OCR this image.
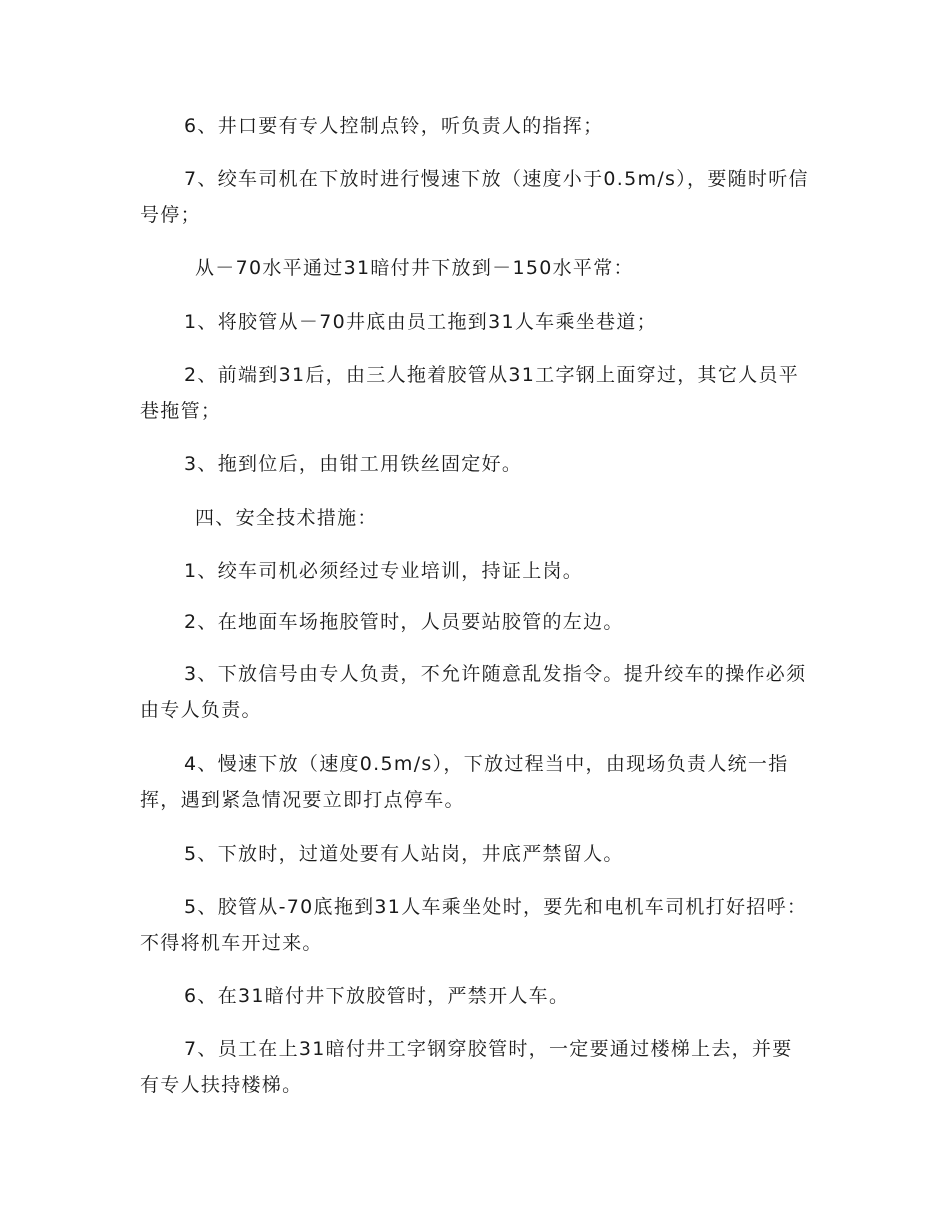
6、井口要有专人控制点铃，听负责人的指挥；

7、绞车司机在下放时进行慢速下放（速度小于0.5m/s），要随时听信号停；

从－70水平通过31暗付井下放到－150水平常：

1、将胶管从－70井底由员工拖到31人车乘坐巷道；

2、前端到31后，由三人拖着胶管从31工字钢上面穿过，其它人员平巷拖管；

3、拖到位后，由钳工用铁丝固定好。

四、安全技术措施：

1、绞车司机必须经过专业培训，持证上岗。

2、在地面车场拖胶管时，人员要站胶管的左边。

3、下放信号由专人负责，不允许随意乱发指令。提升绞车的操作必须由专人负责。

4、慢速下放（速度0.5m/s），下放过程当中，由现场负责人统一指挥，遇到紧急情况要立即打点停车。

5、下放时，过道处要有人站岗，井底严禁留人。

5、胶管从-70底拖到31人车乘坐处时，要先和电机车司机打好招呼：不得将机车开过来。

6、在31暗付井下放胶管时，严禁开人车。

7、员工在上31暗付井工字钢穿胶管时，一定要通过楼梯上去，并要有专人扶持楼梯。
